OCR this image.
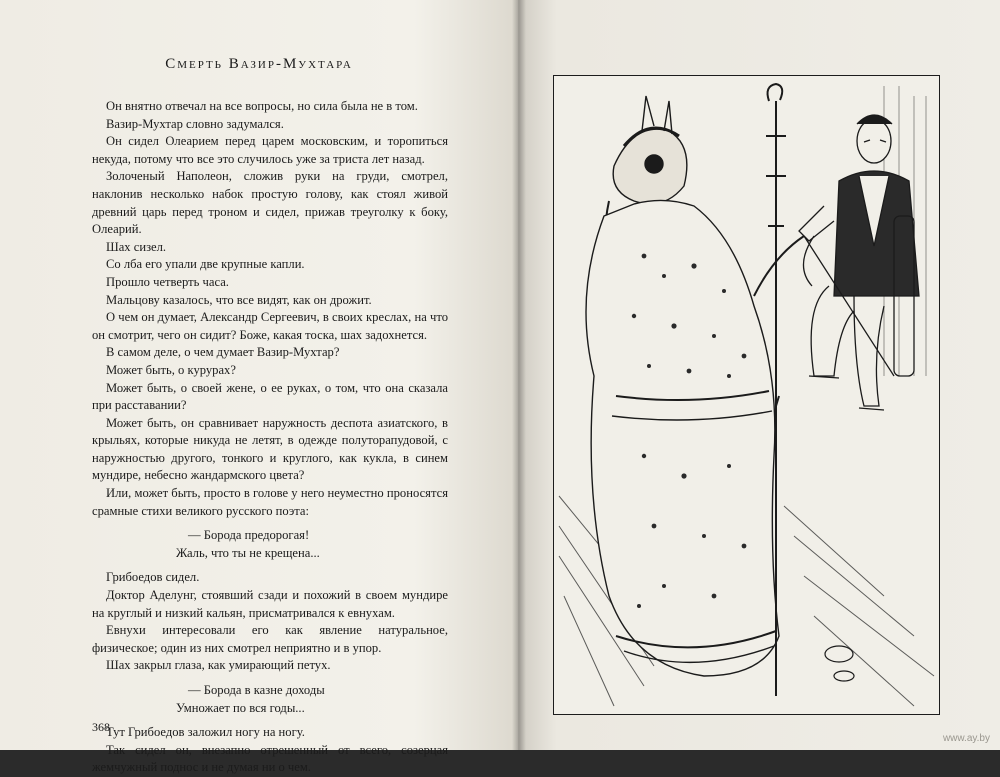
Смерть Вазир-Мухтара

Он внятно отвечал на все вопросы, но сила была не в том.

Вазир-Мухтар словно задумался.

Он сидел Олеарием перед царем московским, и торопиться некуда, потому что все это случилось уже за триста лет назад.

Золоченый Наполеон, сложив руки на груди, смотрел, наклонив несколько набок простую голову, как стоял живой древний царь перед троном и сидел, прижав треуголку к боку, Олеарий.

Шах сизел.

Со лба его упали две крупные капли.

Прошло четверть часа.

Мальцову казалось, что все видят, как он дрожит.

О чем он думает, Александр Сергеевич, в своих креслах, на что он смотрит, чего он сидит? Боже, какая тоска, шах задохнется.

В самом деле, о чем думает Вазир-Мухтар?

Может быть, о курурах?

Может быть, о своей жене, о ее руках, о том, что она сказала при расставании?

Может быть, он сравнивает наружность деспота азиатского, в крыльях, которые никуда не летят, в одежде полуторапудовой, с наружностью другого, тонкого и круглого, как кукла, в синем мундире, небесно жандармского цвета?

Или, может быть, просто в голове у него неуместно проносятся срамные стихи великого русского поэта:

— Борода предорогая!

Жаль, что ты не крещена...

Грибоедов сидел.

Доктор Аделунг, стоявший сзади и похожий в своем мундире на круглый и низкий кальян, присматривался к евнухам.

Евнухи интересовали его как явление натуральное, физическое; один из них смотрел неприятно и в упор.

Шах закрыл глаза, как умирающий петух.

— Борода в казне доходы

Умножает по вся годы...

Тут Грибоедов заложил ногу на ногу.

Так сидел он, внезапно отрешенный от всего, созерцая жемчужный поднос и не думая ни о чем.

368
www.ay.by
